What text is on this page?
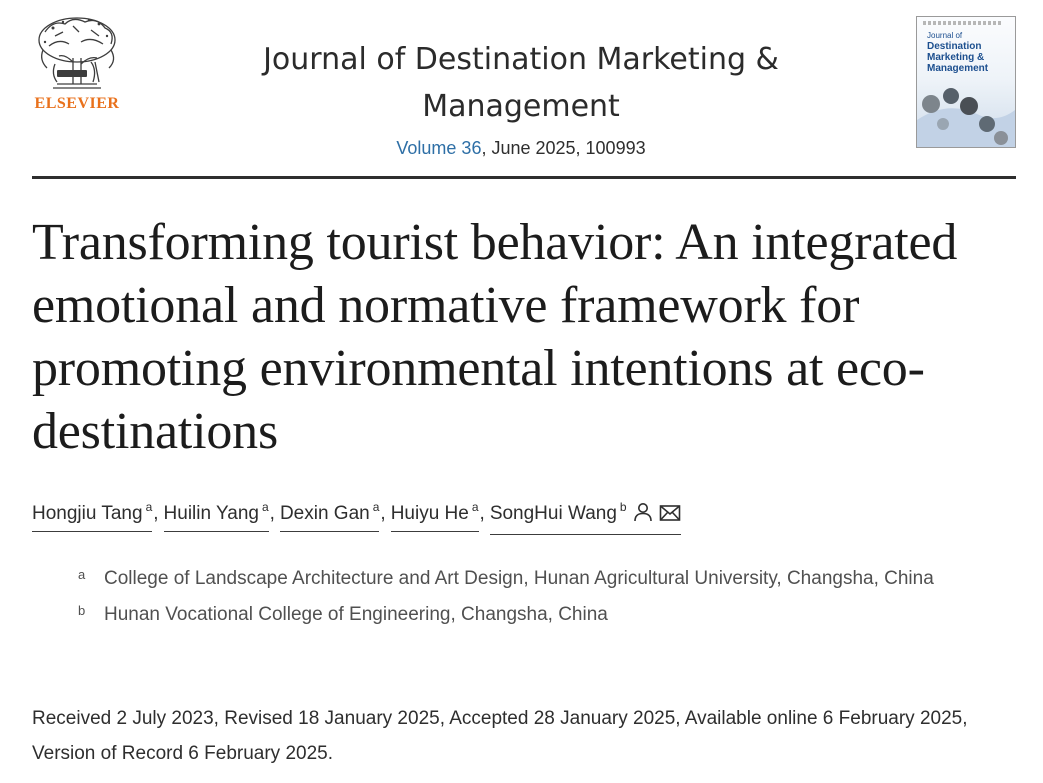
ELSEVIER
Journal of Destination Marketing & Management
Volume 36, June 2025, 100993
Journal of
Destination
Marketing &
Management
Transforming tourist behavior: An integrated emotional and normative framework for promoting environmental intentions at eco-destinations
Hongjiu Tang $^a$, Huilin Yang $^a$, Dexin Gan $^a$, Huiyu He $^a$, SongHui Wang $^b$
a College of Landscape Architecture and Art Design, Hunan Agricultural University, Changsha, China
b Hunan Vocational College of Engineering, Changsha, China
Received 2 July 2023, Revised 18 January 2025, Accepted 28 January 2025, Available online 6 February 2025, Version of Record 6 February 2025.
